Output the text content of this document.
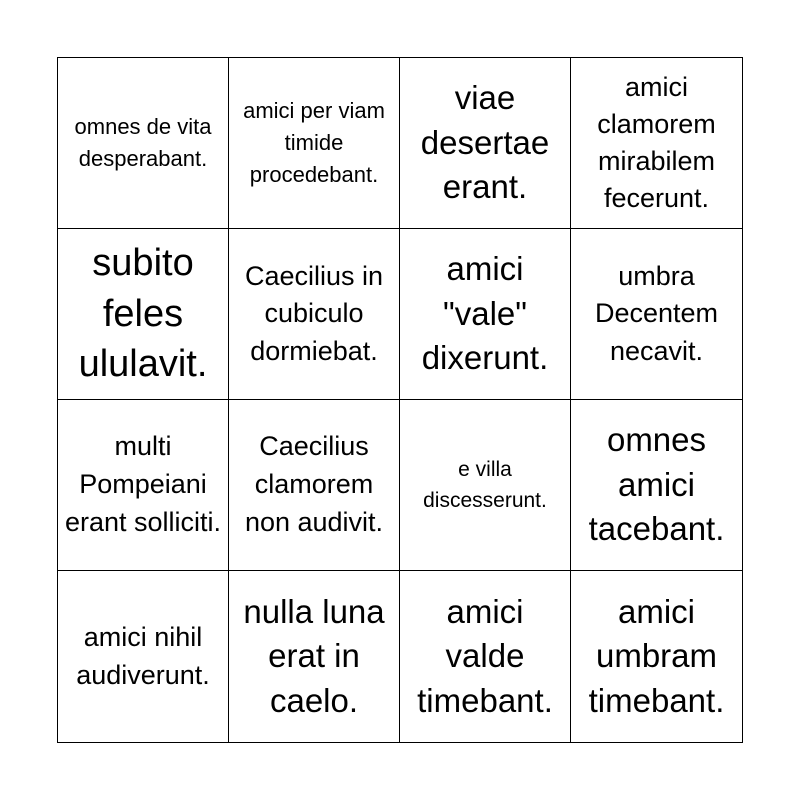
omnes de vita desperabant.
amici per viam timide procedebant.
viae desertae erant.
amici clamorem mirabilem fecerunt.
subito feles ululavit.
Caecilius in cubiculo dormiebat.
amici "vale" dixerunt.
umbra Decentem necavit.
multi Pompeiani erant solliciti.
Caecilius clamorem non audivit.
e villa discesserunt.
omnes amici tacebant.
amici nihil audiverunt.
nulla luna erat in caelo.
amici valde timebant.
amici umbram timebant.
